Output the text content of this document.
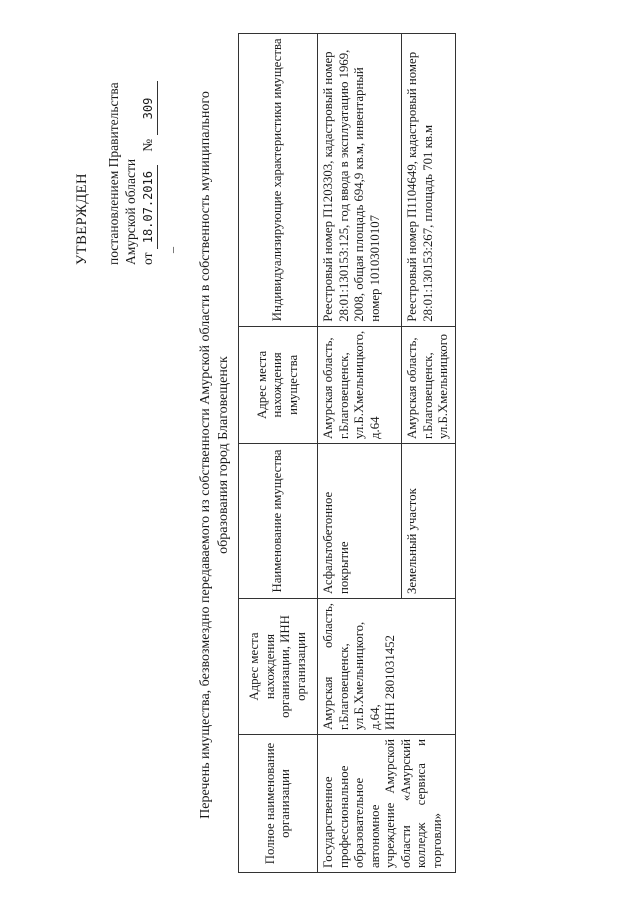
УТВЕРЖДЕН постановлением Правительства Амурской области от 18.07.2016 № 309
– Перечень имущества, безвозмездно передаваемого из собственности Амурской области в собственность муниципального образования город Благовещенск
Полное наименование организации	Адрес места нахождения организации, ИНН организации	Наименование имущества	Адрес места нахождения имущества	Индивидуализирующие характеристики имущества
Государственное профессиональное образовательное автономное учреждение Амурской области «Амурский колледж сервиса и торговли»	Амурская область, г.Благовещенск, ул.Б.Хмельницкого, д.64, ИНН 2801031452	Асфальтобетонное покрытие	Амурская область, г.Благовещенск, ул.Б.Хмельницкого, д.64	Реестровый номер П1203303, кадастровый номер 28:01:130153:125, год ввода в эксплуатацию 1969, 2008, общая площадь 694,9 кв.м, инвентарный номер 10103010107
		Земельный участок	Амурская область, г.Благовещенск, ул.Б.Хмельницкого	Реестровый номер П1104649, кадастровый номер 28:01:130153:267, площадь 701 кв.м
